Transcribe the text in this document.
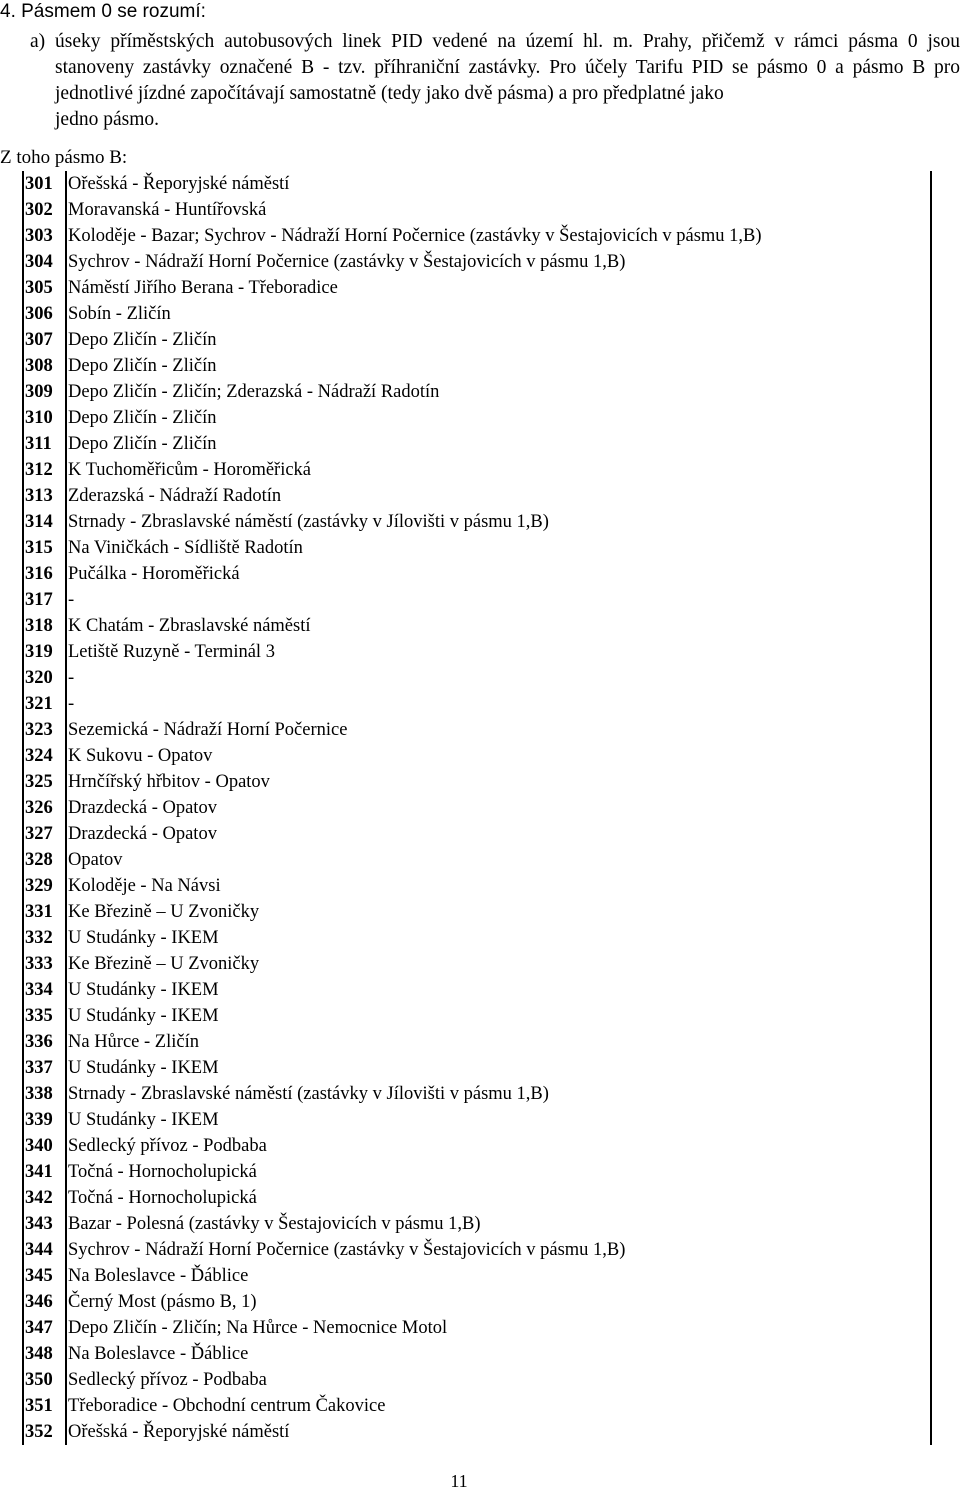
4. Pásmem 0 se rozumí:
a) úseky příměstských autobusových linek PID vedené na území hl. m. Prahy, přičemž v rámci pásma 0 jsou stanoveny zastávky označené B - tzv. příhraniční zastávky. Pro účely Tarifu PID se pásmo 0 a pásmo B pro jednotlivé jízdné započítávají samostatně (tedy jako dvě pásma) a pro předplatné jako
jedno pásmo.
Z toho pásmo B:
301 Ořešská - Řeporyjské náměstí
302 Moravanská - Huntířovská
303 Koloděje - Bazar; Sychrov - Nádraží Horní Počernice (zastávky v Šestajovicích v pásmu 1,B)
304 Sychrov - Nádraží Horní Počernice (zastávky v Šestajovicích v pásmu 1,B)
305 Náměstí Jiřího Berana - Třeboradice
306 Sobín - Zličín
307 Depo Zličín - Zličín
308 Depo Zličín - Zličín
309 Depo Zličín - Zličín; Zderazská - Nádraží Radotín
310 Depo Zličín - Zličín
311 Depo Zličín - Zličín
312 K Tuchoměřicům - Horoměřická
313 Zderazská - Nádraží Radotín
314 Strnady - Zbraslavské náměstí (zastávky v Jílovišti v pásmu 1,B)
315 Na Viničkách - Sídliště Radotín
316 Pučálka - Horoměřická
317 -
318 K Chatám - Zbraslavské náměstí
319 Letiště Ruzyně - Terminál 3
320 -
321 -
323 Sezemická - Nádraží Horní Počernice
324 K Sukovu - Opatov
325 Hrnčířský hřbitov - Opatov
326 Drazdecká - Opatov
327 Drazdecká - Opatov
328 Opatov
329 Koloděje - Na Návsi
331 Ke Březině – U Zvoničky
332 U Studánky - IKEM
333 Ke Březině – U Zvoničky
334 U Studánky - IKEM
335 U Studánky - IKEM
336 Na Hůrce - Zličín
337 U Studánky - IKEM
338 Strnady - Zbraslavské náměstí (zastávky v Jílovišti v pásmu 1,B)
339 U Studánky - IKEM
340 Sedlecký přívoz - Podbaba
341 Točná - Hornocholupická
342 Točná - Hornocholupická
343 Bazar - Polesná (zastávky v Šestajovicích v pásmu 1,B)
344 Sychrov - Nádraží Horní Počernice (zastávky v Šestajovicích v pásmu 1,B)
345 Na Boleslavce - Ďáblice
346 Černý Most (pásmo B, 1)
347 Depo Zličín - Zličín; Na Hůrce - Nemocnice Motol
348 Na Boleslavce - Ďáblice
350 Sedlecký přívoz - Podbaba
351 Třeboradice - Obchodní centrum Čakovice
352 Ořešská - Řeporyjské náměstí
11
